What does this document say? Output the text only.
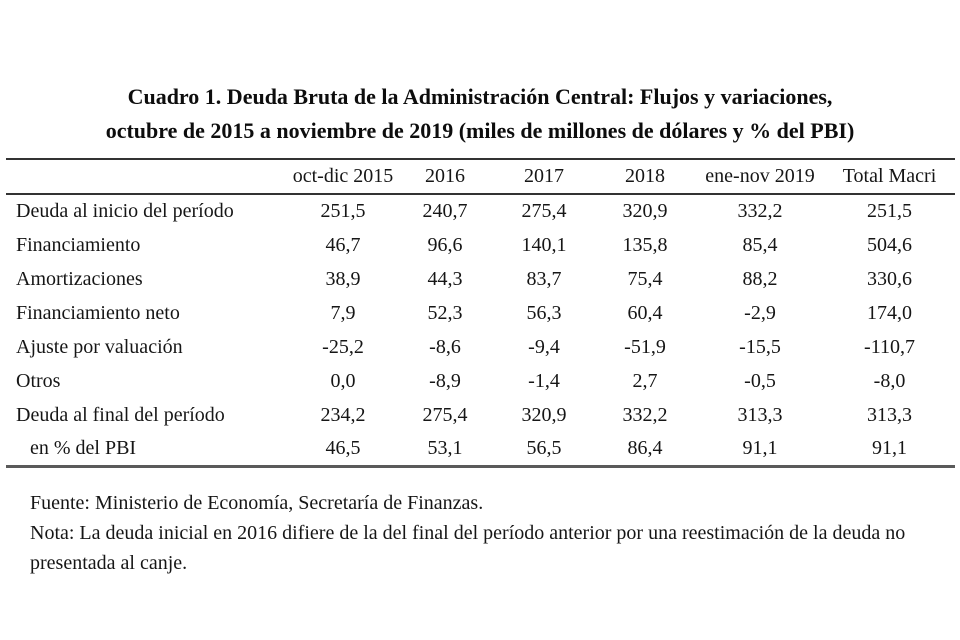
Cuadro 1. Deuda Bruta de la Administración Central: Flujos y variaciones,
octubre de 2015 a noviembre de 2019 (miles de millones de dólares y % del PBI)
	oct-dic 2015	2016	2017	2018	ene-nov 2019	Total Macri
Deuda al inicio del período	251,5	240,7	275,4	320,9	332,2	251,5
Financiamiento	46,7	96,6	140,1	135,8	85,4	504,6
Amortizaciones	38,9	44,3	83,7	75,4	88,2	330,6
Financiamiento neto	7,9	52,3	56,3	60,4	-2,9	174,0
Ajuste por valuación	-25,2	-8,6	-9,4	-51,9	-15,5	-110,7
Otros	0,0	-8,9	-1,4	2,7	-0,5	-8,0
Deuda al final del período	234,2	275,4	320,9	332,2	313,3	313,3
en % del PBI	46,5	53,1	56,5	86,4	91,1	91,1
Fuente: Ministerio de Economía, Secretaría de Finanzas.
Nota: La deuda inicial en 2016 difiere de la del final del período anterior por una reestimación de la deuda no presentada al canje.
